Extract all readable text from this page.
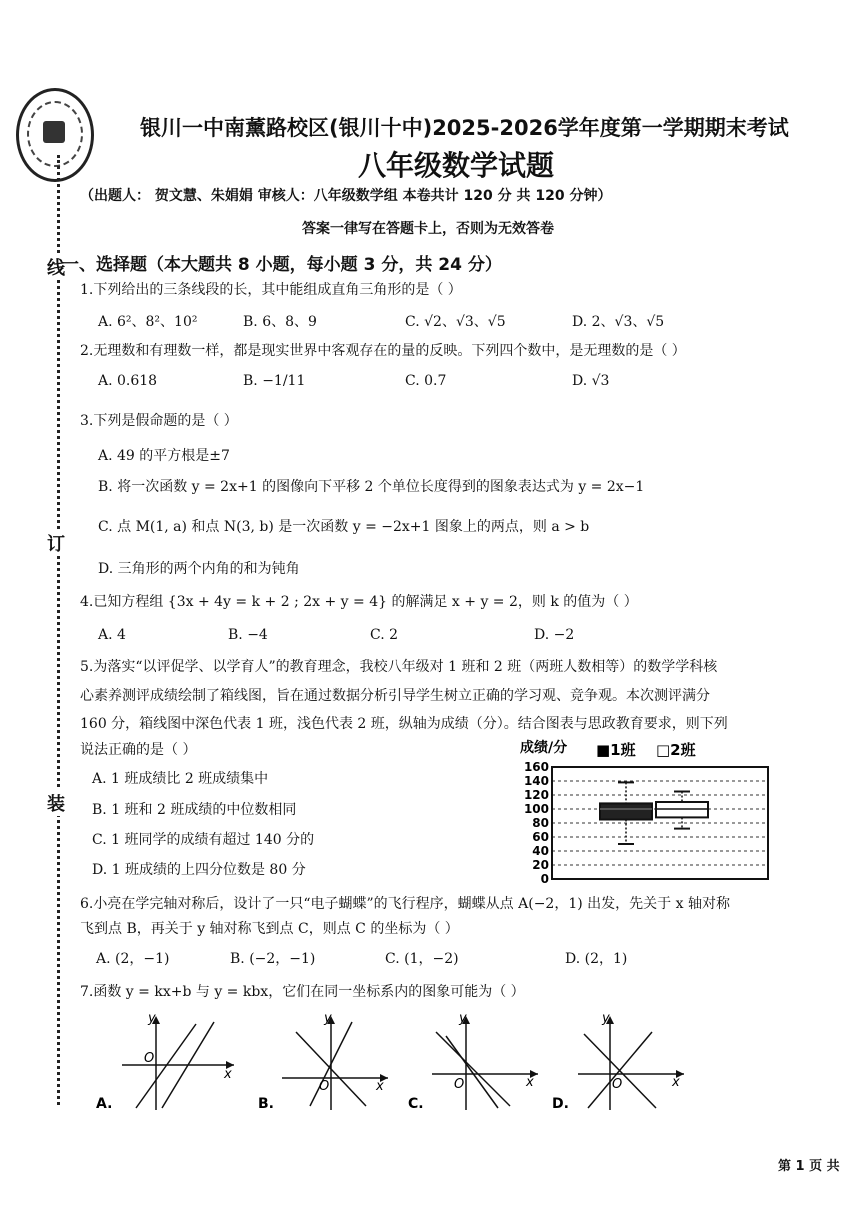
线
订
装
银川一中南薰路校区(银川十中)2025-2026学年度第一学期期末考试
八年级数学试题
（出题人： 贺文慧、朱娟娟 审核人：八年级数学组 本卷共计 120 分 共 120 分钟）
答案一律写在答题卡上，否则为无效答卷
一、选择题（本大题共 8 小题，每小题 3 分，共 24 分）
1.下列给出的三条线段的长，其中能组成直角三角形的是（ ）
A. 6²、8²、10²	B. 6、8、9	C. √2、√3、√5	D. 2、√3、√5
2.无理数和有理数一样，都是现实世界中客观存在的量的反映。下列四个数中，是无理数的是（ ）
A. 0.618	B. −1/11	C. 0.7	D. √3
3.下列是假命题的是（ ）
A. 49 的平方根是±7
B. 将一次函数 y = 2x+1 的图像向下平移 2 个单位长度得到的图象表达式为 y = 2x−1
C. 点 M(1, a) 和点 N(3, b) 是一次函数 y = −2x+1 图象上的两点，则 a > b
D. 三角形的两个内角的和为钝角
4.已知方程组 {3x + 4y = k + 2 ; 2x + y = 4} 的解满足 x + y = 2，则 k 的值为（ ）
A. 4	B. −4	C. 2	D. −2
5.为落实“以评促学、以学育人”的教育理念，我校八年级对 1 班和 2 班（两班人数相等）的数学学科核
心素养测评成绩绘制了箱线图，旨在通过数据分析引导学生树立正确的学习观、竞争观。本次测评满分
160 分，箱线图中深色代表 1 班，浅色代表 2 班，纵轴为成绩（分）。结合图表与思政教育要求，则下列
说法正确的是（ ）
A. 1 班成绩比 2 班成绩集中
B. 1 班和 2 班成绩的中位数相同
C. 1 班同学的成绩有超过 140 分的
D. 1 班成绩的上四分位数是 80 分
成绩/分 ■1班 □2班
160
140
120
100
80
60
40
20
0
6.小亮在学完轴对称后，设计了一只“电子蝴蝶”的飞行程序，蝴蝶从点 A(−2，1) 出发，先关于 x 轴对称
飞到点 B，再关于 y 轴对称飞到点 C，则点 C 的坐标为（ ）
A. (2，−1)	B. (−2，−1)	C. (1，−2)	D. (2，1)
7.函数 y = kx+b 与 y = kbx，它们在同一坐标系内的图象可能为（ ）
y
x
O
A.
y
x
O
B.
y
x
O
C.
y
x
O
D.
第 1 页 共
